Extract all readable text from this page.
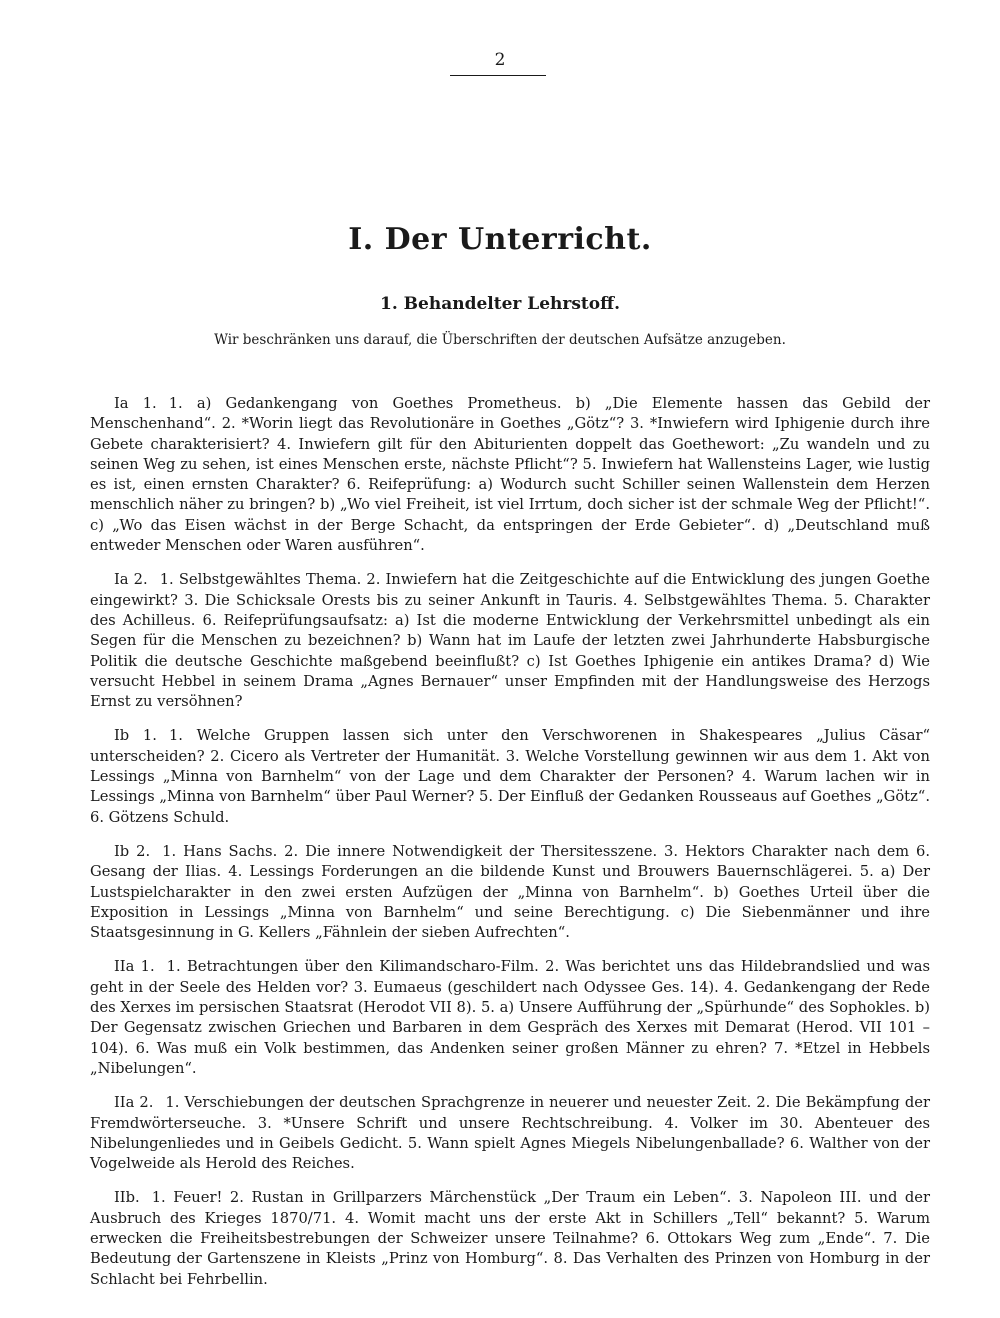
2
I. Der Unterricht.
1. Behandelter Lehrstoff.
Wir beschränken uns darauf, die Überschriften der deutschen Aufsätze anzugeben.

Ia 1. 1. a) Gedankengang von Goethes Prometheus. b) „Die Elemente hassen das Gebild der Menschenhand“. 2. *Worin liegt das Revolutionäre in Goethes „Götz“? 3. *Inwiefern wird Iphigenie durch ihre Gebete charakterisiert? 4. Inwiefern gilt für den Abiturienten doppelt das Goethewort: „Zu wandeln und zu seinen Weg zu sehen, ist eines Menschen erste, nächste Pflicht“? 5. Inwiefern hat Wallensteins Lager, wie lustig es ist, einen ernsten Charakter? 6. Reifeprüfung: a) Wodurch sucht Schiller seinen Wallenstein dem Herzen menschlich näher zu bringen? b) „Wo viel Freiheit, ist viel Irrtum, doch sicher ist der schmale Weg der Pflicht!“. c) „Wo das Eisen wächst in der Berge Schacht, da entspringen der Erde Gebieter“. d) „Deutschland muß entweder Menschen oder Waren ausführen“.

Ia 2. 1. Selbstgewähltes Thema. 2. Inwiefern hat die Zeitgeschichte auf die Entwicklung des jungen Goethe eingewirkt? 3. Die Schicksale Orests bis zu seiner Ankunft in Tauris. 4. Selbstgewähltes Thema. 5. Charakter des Achilleus. 6. Reifeprüfungsaufsatz: a) Ist die moderne Entwicklung der Verkehrsmittel unbedingt als ein Segen für die Menschen zu bezeichnen? b) Wann hat im Laufe der letzten zwei Jahrhunderte Habsburgische Politik die deutsche Geschichte maßgebend beeinflußt? c) Ist Goethes Iphigenie ein antikes Drama? d) Wie versucht Hebbel in seinem Drama „Agnes Bernauer“ unser Empfinden mit der Handlungsweise des Herzogs Ernst zu versöhnen?

Ib 1. 1. Welche Gruppen lassen sich unter den Verschworenen in Shakespeares „Julius Cäsar“ unterscheiden? 2. Cicero als Vertreter der Humanität. 3. Welche Vorstellung gewinnen wir aus dem 1. Akt von Lessings „Minna von Barnhelm“ von der Lage und dem Charakter der Personen? 4. Warum lachen wir in Lessings „Minna von Barnhelm“ über Paul Werner? 5. Der Einfluß der Gedanken Rousseaus auf Goethes „Götz“. 6. Götzens Schuld.

Ib 2. 1. Hans Sachs. 2. Die innere Notwendigkeit der Thersitesszene. 3. Hektors Charakter nach dem 6. Gesang der Ilias. 4. Lessings Forderungen an die bildende Kunst und Brouwers Bauernschlägerei. 5. a) Der Lustspielcharakter in den zwei ersten Aufzügen der „Minna von Barnhelm“. b) Goethes Urteil über die Exposition in Lessings „Minna von Barnhelm“ und seine Berechtigung. c) Die Siebenmänner und ihre Staatsgesinnung in G. Kellers „Fähnlein der sieben Aufrechten“.

IIa 1. 1. Betrachtungen über den Kilimandscharo-Film. 2. Was berichtet uns das Hildebrandslied und was geht in der Seele des Helden vor? 3. Eumaeus (geschildert nach Odyssee Ges. 14). 4. Gedankengang der Rede des Xerxes im persischen Staatsrat (Herodot VII 8). 5. a) Unsere Aufführung der „Spürhunde“ des Sophokles. b) Der Gegensatz zwischen Griechen und Barbaren in dem Gespräch des Xerxes mit Demarat (Herod. VII 101 – 104). 6. Was muß ein Volk bestimmen, das Andenken seiner großen Männer zu ehren? 7. *Etzel in Hebbels „Nibelungen“.

IIa 2. 1. Verschiebungen der deutschen Sprachgrenze in neuerer und neuester Zeit. 2. Die Bekämpfung der Fremdwörterseuche. 3. *Unsere Schrift und unsere Rechtschreibung. 4. Volker im 30. Abenteuer des Nibelungenliedes und in Geibels Gedicht. 5. Wann spielt Agnes Miegels Nibelungenballade? 6. Walther von der Vogelweide als Herold des Reiches.

IIb. 1. Feuer! 2. Rustan in Grillparzers Märchenstück „Der Traum ein Leben“. 3. Napoleon III. und der Ausbruch des Krieges 1870/71. 4. Womit macht uns der erste Akt in Schillers „Tell“ bekannt? 5. Warum erwecken die Freiheitsbestrebungen der Schweizer unsere Teilnahme? 6. Ottokars Weg zum „Ende“. 7. Die Bedeutung der Gartenszene in Kleists „Prinz von Homburg“. 8. Das Verhalten des Prinzen von Homburg in der Schlacht bei Fehrbellin.
